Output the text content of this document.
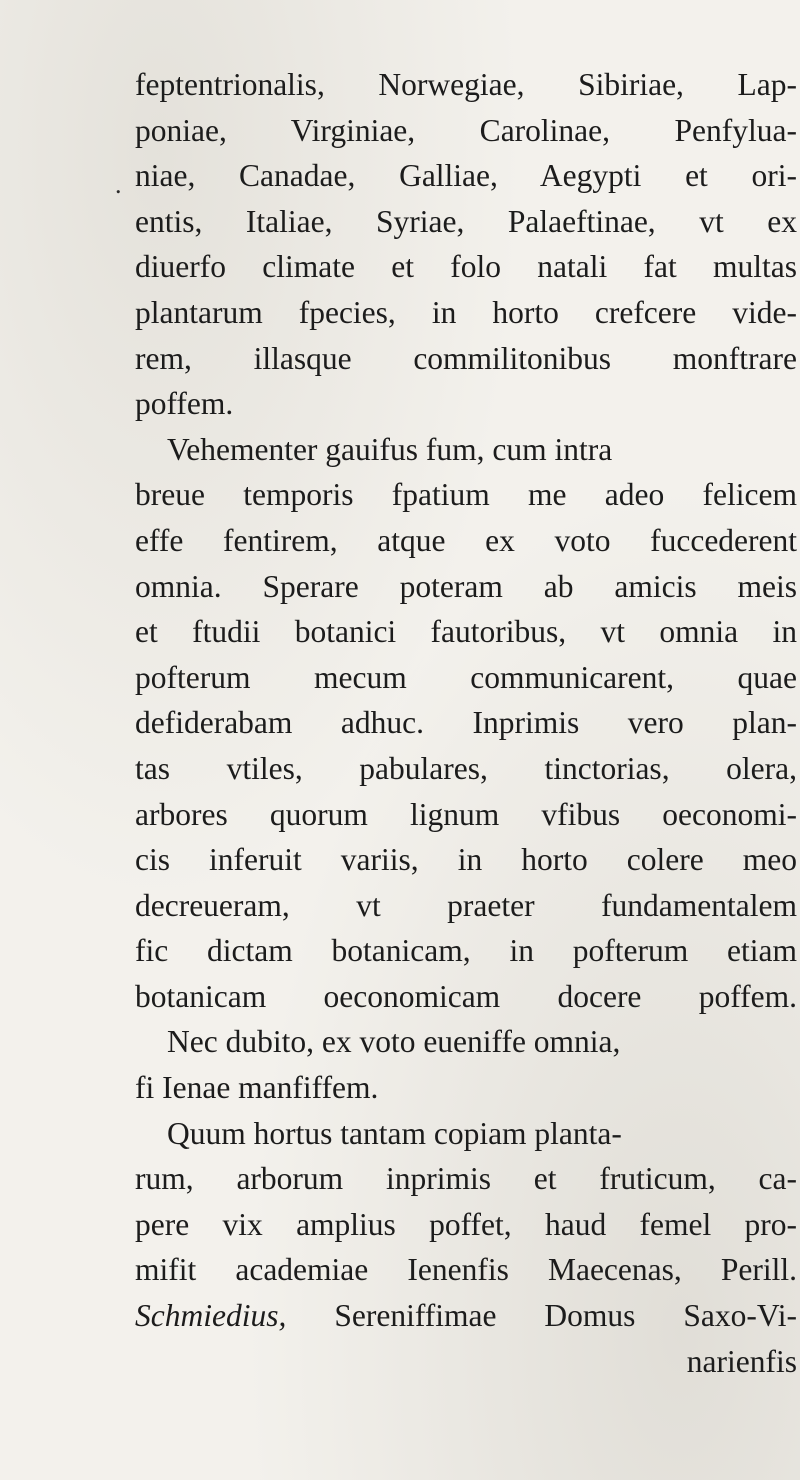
.
feptentrionalis, Norwegiae, Sibiriae, Lap-
poniae, Virginiae, Carolinae, Penfylua-
niae, Canadae, Galliae, Aegypti et ori-
entis, Italiae, Syriae, Palaeftinae, vt ex
diuerfo climate et folo natali fat multas
plantarum fpecies, in horto crefcere vide-
rem, illasque commilitonibus monftrare
poffem.
Vehementer gauifus fum, cum intra
breue temporis fpatium me adeo felicem
effe fentirem, atque ex voto fuccederent
omnia. Sperare poteram ab amicis meis
et ftudii botanici fautoribus, vt omnia in
pofterum mecum communicarent, quae
defiderabam adhuc. Inprimis vero plan-
tas vtiles, pabulares, tinctorias, olera,
arbores quorum lignum vfibus oeconomi-
cis inferuit variis, in horto colere meo
decreueram, vt praeter fundamentalem
fic dictam botanicam, in pofterum etiam
botanicam oeconomicam docere poffem.
Nec dubito, ex voto eueniffe omnia,
fi Ienae manfiffem.
Quum hortus tantam copiam planta-
rum, arborum inprimis et fruticum, ca-
pere vix amplius poffet, haud femel pro-
mifit academiae Ienenfis Maecenas, Perill.
Schmiedius, Sereniffimae Domus Saxo-Vi-
narienfis
